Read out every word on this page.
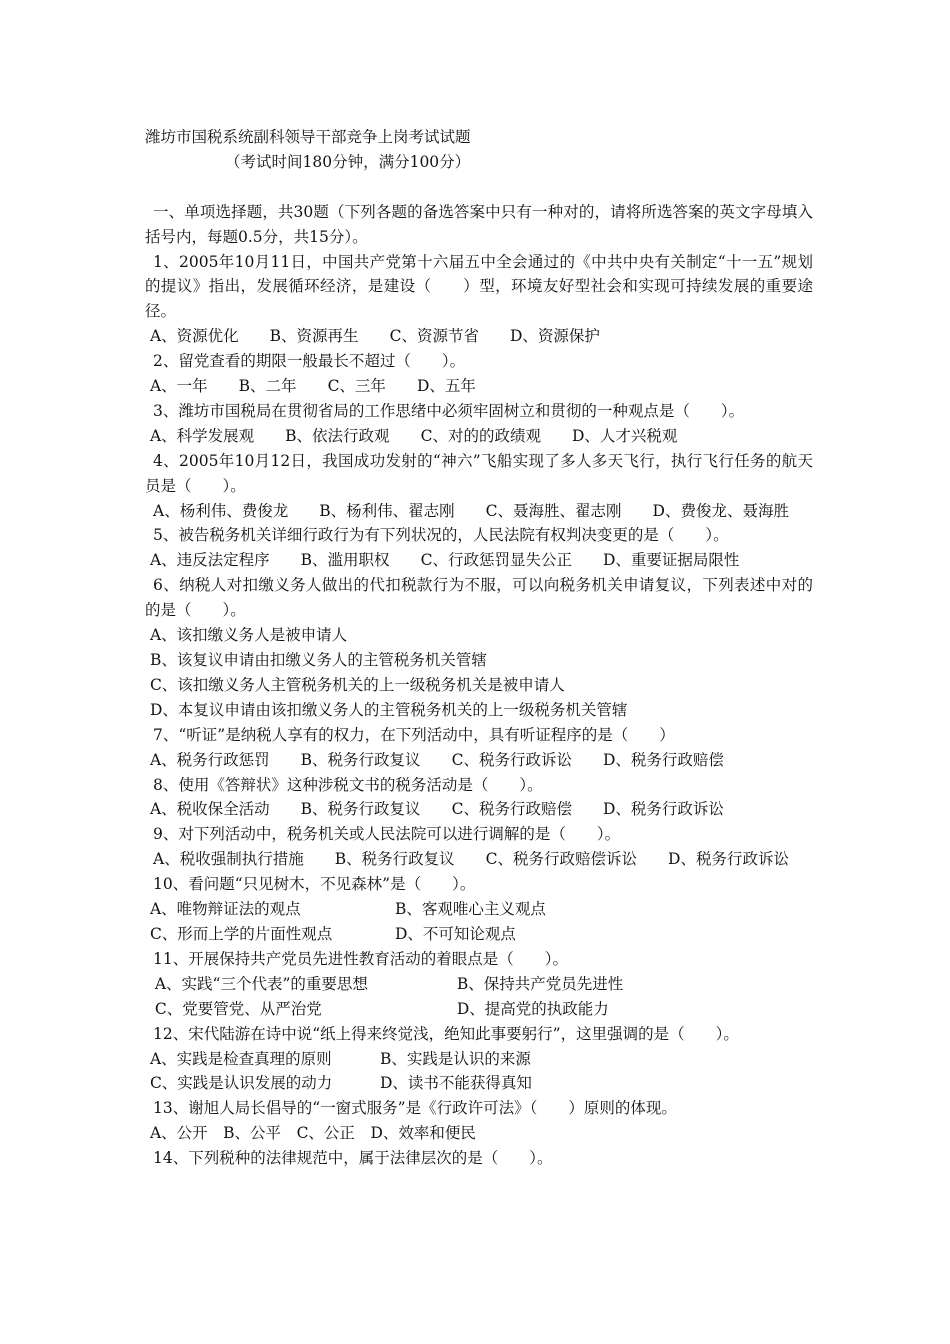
潍坊市国税系统副科领导干部竞争上岗考试试题
（考试时间180分钟，满分100分）
一、单项选择题，共30题（下列各题的备选答案中只有一种对的，请将所选答案的英文字母填入括号内，每题0.5分，共15分）。
1、2005年10月11日，中国共产党第十六届五中全会通过的《中共中央有关制定“十一五”规划的提议》指出，发展循环经济，是建设（　　）型，环境友好型社会和实现可持续发展的重要途径。
A、资源优化　　 B、资源再生　　 C、资源节省　　 D、资源保护
2、留党查看的期限一般最长不超过（　　）。
A、一年　　 B、二年　　 C、三年　　 D、五年
3、潍坊市国税局在贯彻省局的工作思绪中必须牢固树立和贯彻的一种观点是（　　）。
A、科学发展观　　 B、依法行政观　　 C、对的的政绩观　　 D、人才兴税观
4、2005年10月12日，我国成功发射的“神六”飞船实现了多人多天飞行，执行飞行任务的航天员是（　　）。
A、杨利伟、费俊龙　　 B、杨利伟、翟志刚　　 C、聂海胜、翟志刚　　 D、费俊龙、聂海胜
5、被告税务机关详细行政行为有下列状况的，人民法院有权判决变更的是（　　）。
A、违反法定程序　　 B、滥用职权　　 C、行政惩罚显失公正　　 D、重要证据局限性
6、纳税人对扣缴义务人做出的代扣税款行为不服，可以向税务机关申请复议，下列表述中对的的是（　　）。
A、该扣缴义务人是被申请人
B、该复议申请由扣缴义务人的主管税务机关管辖
C、该扣缴义务人主管税务机关的上一级税务机关是被申请人
D、本复议申请由该扣缴义务人的主管税务机关的上一级税务机关管辖
7、“听证”是纳税人享有的权力，在下列活动中，具有听证程序的是（　　）
A、税务行政惩罚　　 B、税务行政复议　　 C、税务行政诉讼　　 D、税务行政赔偿
8、使用《答辩状》这种涉税文书的税务活动是（　　）。
A、税收保全活动　　 B、税务行政复议　　 C、税务行政赔偿　　 D、税务行政诉讼
9、对下列活动中，税务机关或人民法院可以进行调解的是（　　）。
A、税收强制执行措施　　 B、税务行政复议　　 C、税务行政赔偿诉讼　　 D、税务行政诉讼
10、看问题“只见树木，不见森林”是（　　）。
A、唯物辩证法的观点	B、客观唯心主义观点
C、形而上学的片面性观点	D、不可知论观点
11、开展保持共产党员先进性教育活动的着眼点是（　　）。
A、实践“三个代表”的重要思想	B、保持共产党员先进性
C、党要管党、从严治党	D、提高党的执政能力
12、宋代陆游在诗中说“纸上得来终觉浅，绝知此事要躬行”，这里强调的是（　　）。
A、实践是检查真理的原则	B、实践是认识的来源
C、实践是认识发展的动力	D、读书不能获得真知
13、谢旭人局长倡导的“一窗式服务”是《行政许可法》（　　）原则的体现。
A、公开　 B、公平　 C、公正　 D、效率和便民
14、下列税种的法律规范中，属于法律层次的是（　　）。
